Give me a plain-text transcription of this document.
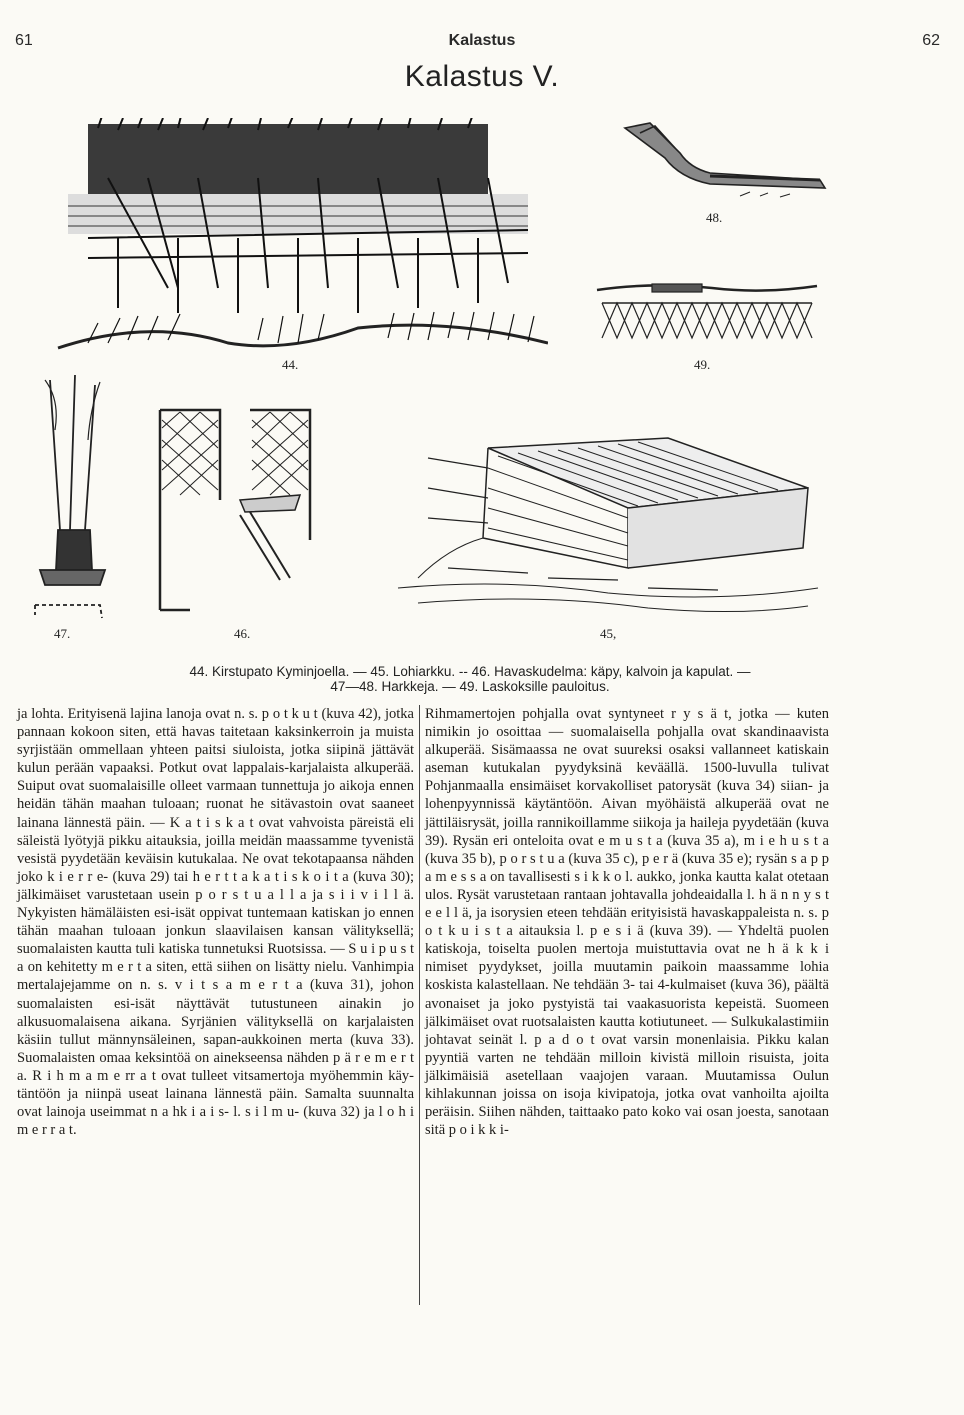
61	Kalastus	62
Kalastus V.
44.
48.
49.
47.	46.	45,
44. Kirstupato Kyminjoella. — 45. Lohiarkku. -- 46. Havaskudelma: käpy, kalvoin ja kapulat. —
47—48. Harkkeja. — 49. Laskoksille pauloitus.

ja lohta. Erityisenä lajina lanoja ovat n. s. p o t k u t (kuva 42), jotka pannaan kokoon siten, että havas taitetaan kaksinkerroin ja muista syrjistään ommellaan yhteen paitsi siuloista, jotka siipinä jättävät kulun perään vapaaksi. Potkut ovat lappalais-karjalaista alkuperää. Suiput ovat suomalaisille olleet varmaan tunnettuja jo aikoja ennen heidän tähän maahan tuloaan; ruonat he sitävastoin ovat saaneet lainana lännestä päin. — K a t i s k a t ovat vahvoista päreistä eli säleistä lyötyjä pikku aitauksia, joilla meidän maassamme tyvenistä vesistä pyydetään keväisin kutukalaa. Ne ovat tekotapaansa nähden joko k i e r r e- (kuva 29) tai h e r t t a k a t i s k o i t a (kuva 30); jälkimäiset varustetaan usein p o r s t u a l l a ja s i i v i l l ä. Nykyisten hämäläisten esi-isät oppivat tuntemaan katiskan jo ennen tähän maahan tuloaan jonkun slaavilaisen kansan välityksellä; suomalaisten kautta tuli katiska tunnetuksi Ruotsissa. — S u i p u s t a on kehitetty m e r t a siten, että siihen on lisätty nielu. Vanhimpia mertalajejamme on n. s. v i t s a m e r t a (kuva 31), johon suomalaisten esi-isät näyttävät tutustuneen ainakin jo alkusuomalaisena aikana. Syrjänien välityksellä on karjalaisten käsiin tullut männynsäleinen, sapan-aukkoinen merta (kuva 33). Suomalaisten omaa keksintöä on ainekseensa nähden p ä r e m e r t a. R i h m a m e rr a t ovat tulleet vitsamertoja myöhemmin käytäntöön ja niinpä useat lainana lännestä päin. Samalta suunnalta ovat lainoja useimmat n a hk i a i s- l. s i l m u- (kuva 32) ja l o h i m e r r a t.

Rihmamertojen pohjalla ovat syntyneet r y s ä t, jotka — kuten nimikin jo osoittaa — suomalaisella pohjalla ovat skandinaavista alkuperää. Sisämaassa ne ovat suureksi osaksi vallanneet katiskain aseman kutukalan pyydyksinä keväällä. 1500-luvulla tulivat Pohjanmaalla ensimäiset korvakolliset patorysät (kuva 34) siian- ja lohenpyynnissä käytäntöön. Aivan myöhäistä alkuperää ovat ne jättiläisrysät, joilla rannikoillamme siikoja ja haileja pyydetään (kuva 39). Rysän eri onteloita ovat e m u s t a (kuva 35 a), m i e h u s t a (kuva 35 b), p o r s t u a (kuva 35 c), p e r ä (kuva 35 e); rysän s a p p a m e s s a on tavallisesti s i k k o l. aukko, jonka kautta kalat otetaan ulos. Rysät varustetaan rantaan johtavalla johdeaidalla l. h ä n n y s t e e l l ä, ja isorysien eteen tehdään erityisistä havaskappaleista n. s. p o t k u i s t a aitauksia l. p e s i ä (kuva 39). — Yhdeltä puolen katiskoja, toiselta puolen mertoja muistuttavia ovat ne h ä k k i nimiset pyydykset, joilla muutamin paikoin maassamme lohia koskista kalastellaan. Ne tehdään 3- tai 4-kulmaiset (kuva 36), päältä avonaiset ja joko pystyistä tai vaakasuorista kepeistä. Suomeen jälkimäiset ovat ruotsalaisten kautta kotiutuneet. — Sulkukalastimiin johtavat seinät l. p a d o t ovat varsin monenlaisia. Pikku kalan pyyntiä varten ne tehdään milloin kivistä milloin risuista, joita jälkimäisiä asetellaan vaajojen varaan. Muutamissa Oulun kihlakunnan joissa on isoja kivipatoja, jotka ovat vanhoilta ajoilta peräisin. Siihen nähden, taittaako pato koko vai osan joesta, sanotaan sitä p o i k k i-
